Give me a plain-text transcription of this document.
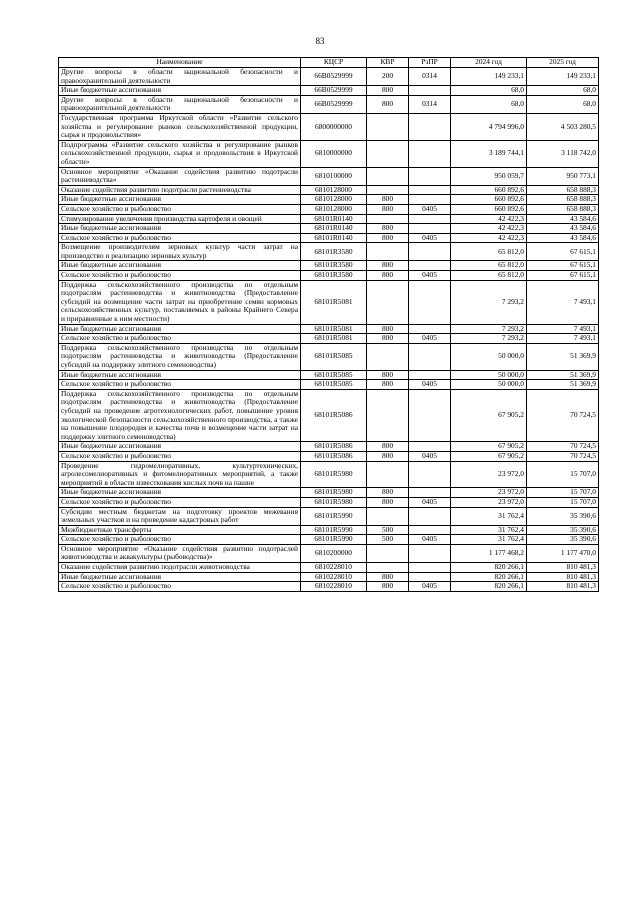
83
Наименование	КЦСР	КВР	РзПР	2024 год	2025 год
Другие вопросы в области национальной безопасности и правоохранительной деятельности	66В0529999	200	0314	149 233,1	149 233,1
Иные бюджетные ассигнования	66В0529999	800		68,0	68,0
Другие вопросы в области национальной безопасности и правоохранительной деятельности	66В0529999	800	0314	68,0	68,0
Государственная программа Иркутской области «Развитие сельского хозяйства и регулирование рынков сельскохозяйственной продукции, сырья и продовольствия»	6800000000			4 794 996,0	4 503 280,5
Подпрограмма «Развитие сельского хозяйства и регулирование рынков сельскохозяйственной продукции, сырья и продовольствия в Иркутской области»	6810000000			3 189 744,1	3 118 742,0
Основное мероприятие «Оказание содействия развитию подотрасли растениеводства»	6810100000			950 059,7	950 773,1
Оказание содействия развитию подотрасли растениеводства	6810128000			660 892,6	658 888,3
Иные бюджетные ассигнования	6810128000	800		660 892,6	658 888,3
Сельское хозяйство и рыболовство	6810128000	800	0405	660 892,6	658 888,3
Стимулирование увеличения производства картофеля и овощей	68101R0140			42 422,3	43 584,6
Иные бюджетные ассигнования	68101R0140	800		42 422,3	43 584,6
Сельское хозяйство и рыболовство	68101R0140	800	0405	42 422,3	43 584,6
Возмещение производителям зерновых культур части затрат на производство и реализацию зерновых культур	68101R3580			65 812,0	67 615,1
Иные бюджетные ассигнования	68101R3580	800		65 812,0	67 615,1
Сельское хозяйство и рыболовство	68101R3580	800	0405	65 812,0	67 615,1
Поддержка сельскохозяйственного производства по отдельным подотраслям растениеводства и животноводства (Предоставление субсидий на возмещение части затрат на приобретение семян кормовых сельскохозяйственных культур, поставляемых в районы Крайнего Севера и приравненные к ним местности)	68101R5081			7 293,2	7 493,1
Иные бюджетные ассигнования	68101R5081	800		7 293,2	7 493,1
Сельское хозяйство и рыболовство	68101R5081	800	0405	7 293,2	7 493,1
Поддержка сельскохозяйственного производства по отдельным подотраслям растениеводства и животноводства (Предоставление субсидий на поддержку элитного семеноводства)	68101R5085			50 000,0	51 369,9
Иные бюджетные ассигнования	68101R5085	800		50 000,0	51 369,9
Сельское хозяйство и рыболовство	68101R5085	800	0405	50 000,0	51 369,9
Поддержка сельскохозяйственного производства по отдельным подотраслям растениеводства и животноводства (Предоставление субсидий на проведение агротехнологических работ, повышение уровня экологической безопасности сельскохозяйственного производства, а также на повышение плодородия и качества почв и возмещение части затрат на поддержку элитного семеноводства)	68101R5086			67 905,2	70 724,5
Иные бюджетные ассигнования	68101R5086	800		67 905,2	70 724,5
Сельское хозяйство и рыболовство	68101R5086	800	0405	67 905,2	70 724,5
Проведение гидромелиоративных, культуртехнических, агролесомелиоративных и фитомелиоративных мероприятий, а также мероприятий в области известкования кислых почв на пашне	68101R5980			23 972,0	15 707,0
Иные бюджетные ассигнования	68101R5980	800		23 972,0	15 707,0
Сельское хозяйство и рыболовство	68101R5980	800	0405	23 972,0	15 707,0
Субсидии местным бюджетам на подготовку проектов межевания земельных участков и на проведение кадастровых работ	68101R5990			31 762,4	35 390,6
Межбюджетные трансферты	68101R5990	500		31 762,4	35 390,6
Сельское хозяйство и рыболовство	68101R5990	500	0405	31 762,4	35 390,6
Основное мероприятие «Оказание содействия развитию подотраслей животноводства и аквакультуры (рыбоводства)»	6810200000			1 177 468,2	1 177 470,0
Оказание содействия развитию подотрасли животноводства	6810228010			820 266,1	810 481,3
Иные бюджетные ассигнования	6810228010	800		820 266,1	810 481,3
Сельское хозяйство и рыболовство	6810228010	800	0405	820 266,1	810 481,3
